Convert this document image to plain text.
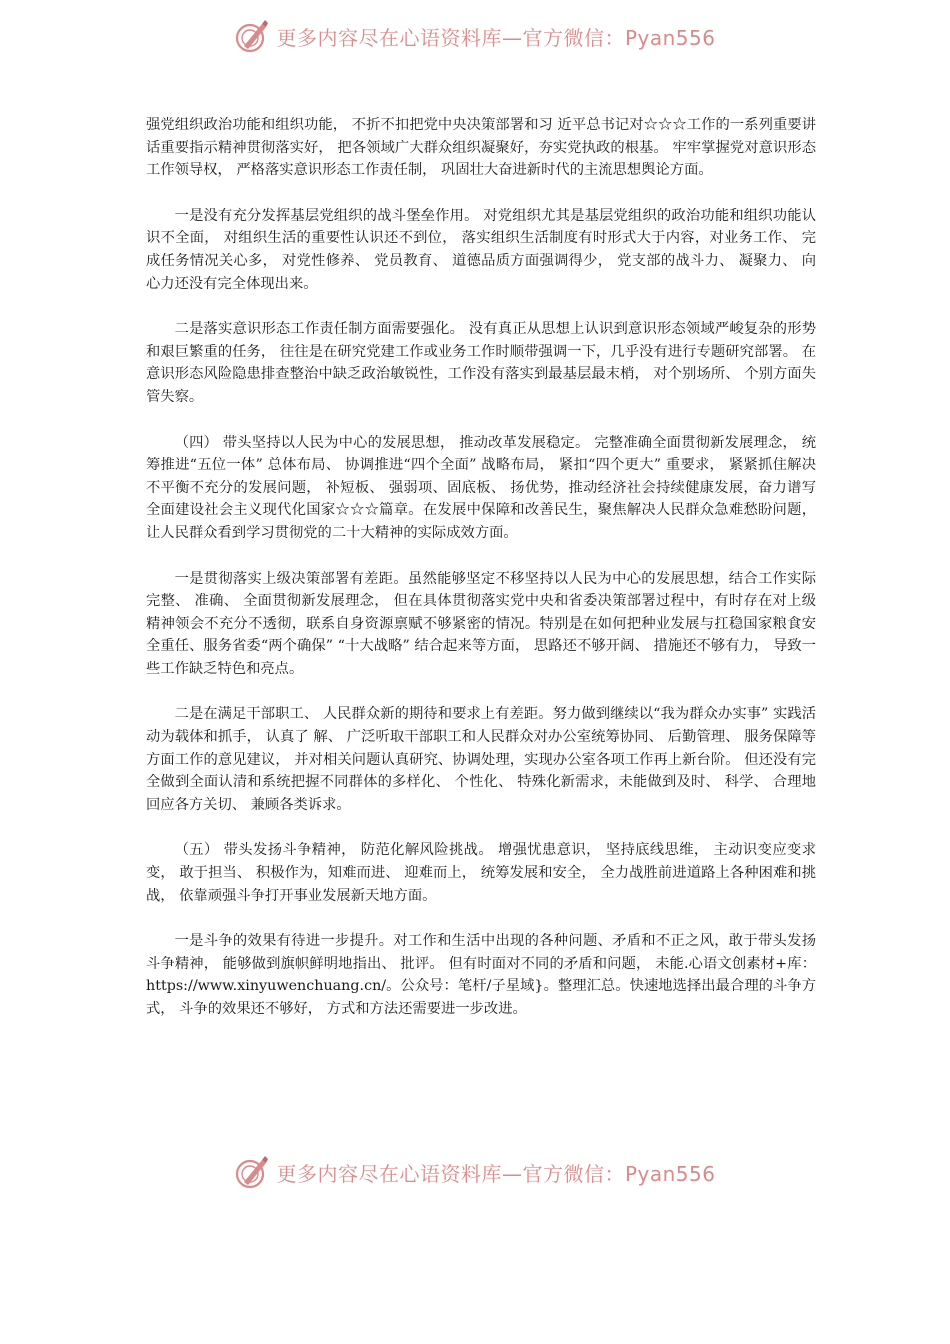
更多内容尽在心语资料库—官方微信：Pyan556

强党组织政治功能和组织功能， 不折不扣把党中央决策部署和习 近平总书记对☆☆☆工作的一系列重要讲话重要指示精神贯彻落实好， 把各领域广大群众组织凝聚好，夯实党执政的根基。 牢牢掌握党对意识形态工作领导权， 严格落实意识形态工作责任制， 巩固壮大奋进新时代的主流思想舆论方面。

一是没有充分发挥基层党组织的战斗堡垒作用。 对党组织尤其是基层党组织的政治功能和组织功能认识不全面， 对组织生活的重要性认识还不到位， 落实组织生活制度有时形式大于内容，对业务工作、 完成任务情况关心多， 对党性修养、 党员教育、 道德品质方面强调得少， 党支部的战斗力、 凝聚力、 向心力还没有完全体现出来。

二是落实意识形态工作责任制方面需要强化。 没有真正从思想上认识到意识形态领域严峻复杂的形势和艰巨繁重的任务， 往往是在研究党建工作或业务工作时顺带强调一下，几乎没有进行专题研究部署。 在意识形态风险隐患排查整治中缺乏政治敏锐性，工作没有落实到最基层最末梢， 对个别场所、 个别方面失管失察。

（四） 带头坚持以人民为中心的发展思想， 推动改革发展稳定。 完整准确全面贯彻新发展理念， 统筹推进“五位一体” 总体布局、 协调推进“四个全面” 战略布局， 紧扣“四个更大” 重要求， 紧紧抓住解决不平衡不充分的发展问题， 补短板、 强弱项、固底板、 扬优势，推动经济社会持续健康发展，奋力谱写全面建设社会主义现代化国家☆☆☆篇章。在发展中保障和改善民生，聚焦解决人民群众急难愁盼问题， 让人民群众看到学习贯彻党的二十大精神的实际成效方面。

一是贯彻落实上级决策部署有差距。虽然能够坚定不移坚持以人民为中心的发展思想，结合工作实际完整、 准确、 全面贯彻新发展理念， 但在具体贯彻落实党中央和省委决策部署过程中，有时存在对上级精神领会不充分不透彻，联系自身资源禀赋不够紧密的情况。特别是在如何把种业发展与扛稳国家粮食安全重任、服务省委“两个确保” “十大战略” 结合起来等方面， 思路还不够开阔、 措施还不够有力， 导致一些工作缺乏特色和亮点。

二是在满足干部职工、 人民群众新的期待和要求上有差距。努力做到继续以“我为群众办实事” 实践活动为载体和抓手， 认真了 解、 广泛听取干部职工和人民群众对办公室统筹协同、 后勤管理、 服务保障等方面工作的意见建议， 并对相关问题认真研究、协调处理，实现办公室各项工作再上新台阶。 但还没有完全做到全面认清和系统把握不同群体的多样化、 个性化、 特殊化新需求，未能做到及时、 科学、 合理地回应各方关切、 兼顾各类诉求。

（五） 带头发扬斗争精神， 防范化解风险挑战。 增强忧患意识， 坚持底线思维， 主动识变应变求变， 敢于担当、 积极作为，知难而进、 迎难而上， 统筹发展和安全， 全力战胜前进道路上各种困难和挑战， 依靠顽强斗争打开事业发展新天地方面。

一是斗争的效果有待进一步提升。对工作和生活中出现的各种问题、矛盾和不正之风，敢于带头发扬斗争精神， 能够做到旗帜鲜明地指出、 批评。 但有时面对不同的矛盾和问题， 未能.心语文创素材+库：https://www.xinyuwenchuang.cn/。公众号：笔杆/子星域}。整理汇总。快速地选择出最合理的斗争方式， 斗争的效果还不够好， 方式和方法还需要进一步改进。

更多内容尽在心语资料库—官方微信：Pyan556
